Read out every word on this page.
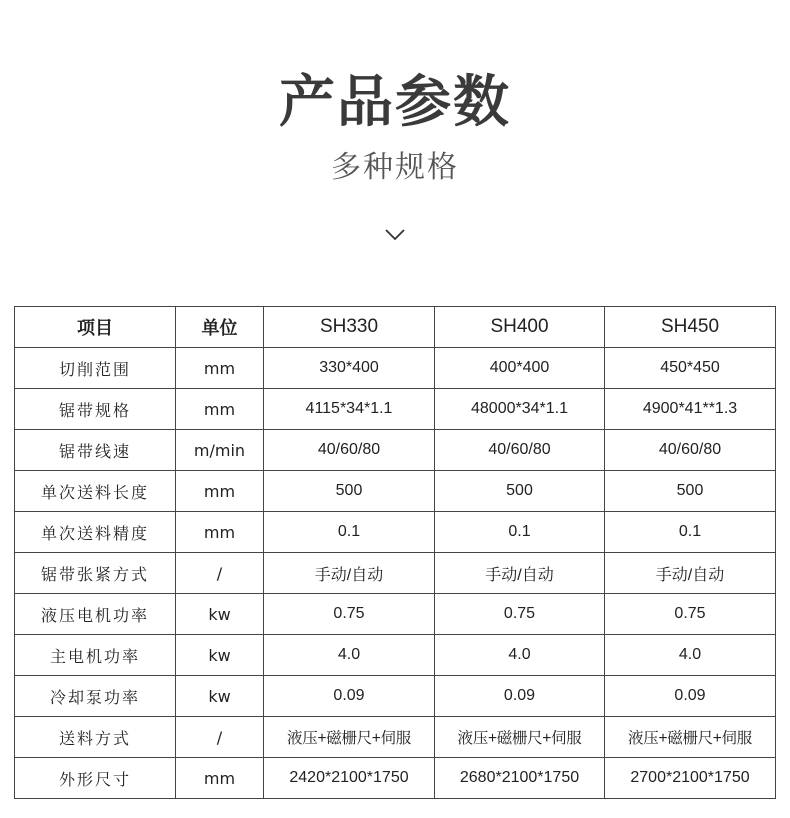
产品参数
多种规格
项目	单位	SH330	SH400	SH450
切削范围	mm	330*400	400*400	450*450
锯带规格	mm	4115*34*1.1	48000*34*1.1	4900*41**1.3
锯带线速	m/min	40/60/80	40/60/80	40/60/80
单次送料长度	mm	500	500	500
单次送料精度	mm	0.1	0.1	0.1
锯带张紧方式	/	手动/自动	手动/自动	手动/自动
液压电机功率	kw	0.75	0.75	0.75
主电机功率	kw	4.0	4.0	4.0
冷却泵功率	kw	0.09	0.09	0.09
送料方式	/	液压+磁栅尺+伺服	液压+磁栅尺+伺服	液压+磁栅尺+伺服
外形尺寸	mm	2420*2100*1750	2680*2100*1750	2700*2100*1750
